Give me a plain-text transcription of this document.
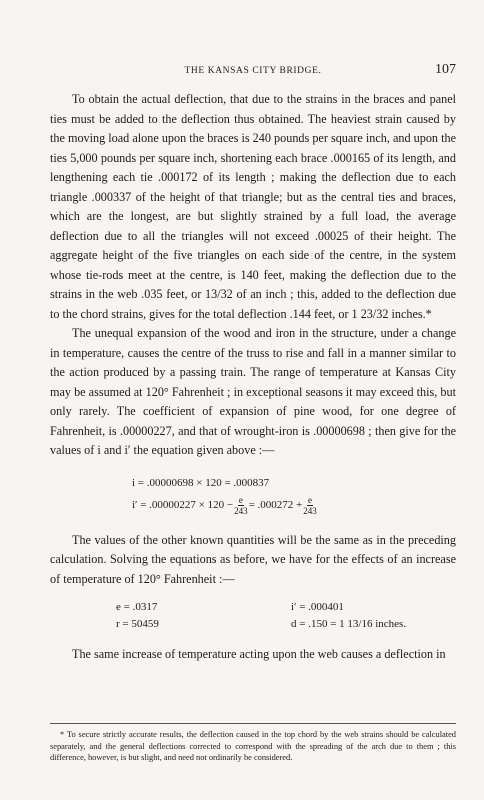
THE KANSAS CITY BRIDGE.	107

To obtain the actual deflection, that due to the strains in the braces and panel ties must be added to the deflection thus obtained. The heaviest strain caused by the moving load alone upon the braces is 240 pounds per square inch, and upon the ties 5,000 pounds per square inch, shortening each brace .000165 of its length, and lengthening each tie .000172 of its length ; making the deflection due to each triangle .000337 of the height of that triangle; but as the central ties and braces, which are the longest, are but slightly strained by a full load, the average deflection due to all the triangles will not exceed .00025 of their height. The aggregate height of the five triangles on each side of the centre, in the system whose tie-rods meet at the centre, is 140 feet, making the deflection due to the strains in the web .035 feet, or 13/32 of an inch ; this, added to the deflection due to the chord strains, gives for the total deflection .144 feet, or 1 23/32 inches.*

The unequal expansion of the wood and iron in the structure, under a change in temperature, causes the centre of the truss to rise and fall in a manner similar to the action produced by a passing train. The range of temperature at Kansas City may be assumed at 120° Fahrenheit ; in exceptional seasons it may exceed this, but only rarely. The coefficient of expansion of pine wood, for one degree of Fahrenheit, is .00000227, and that of wrought-iron is .00000698 ; then give for the values of i and i′ the equation given above :—

i = .00000698 × 120 = .000837
$i' = .00000227 \times 120 - \frac{e}{243} = .000272 + \frac{e}{243}$

The values of the other known quantities will be the same as in the preceding calculation. Solving the equations as before, we have for the effects of an increase of temperature of 120° Fahrenheit :—

e = .0317	i′ = .000401
r = 50459	d = .150 = 1 13/16 inches.

The same increase of temperature acting upon the web causes a deflection in

* To secure strictly accurate results, the deflection caused in the top chord by the web strains should be calculated separately, and the general deflections corrected to correspond with the spreading of the arch due to them ; this difference, however, is but slight, and need not ordinarily be considered.
